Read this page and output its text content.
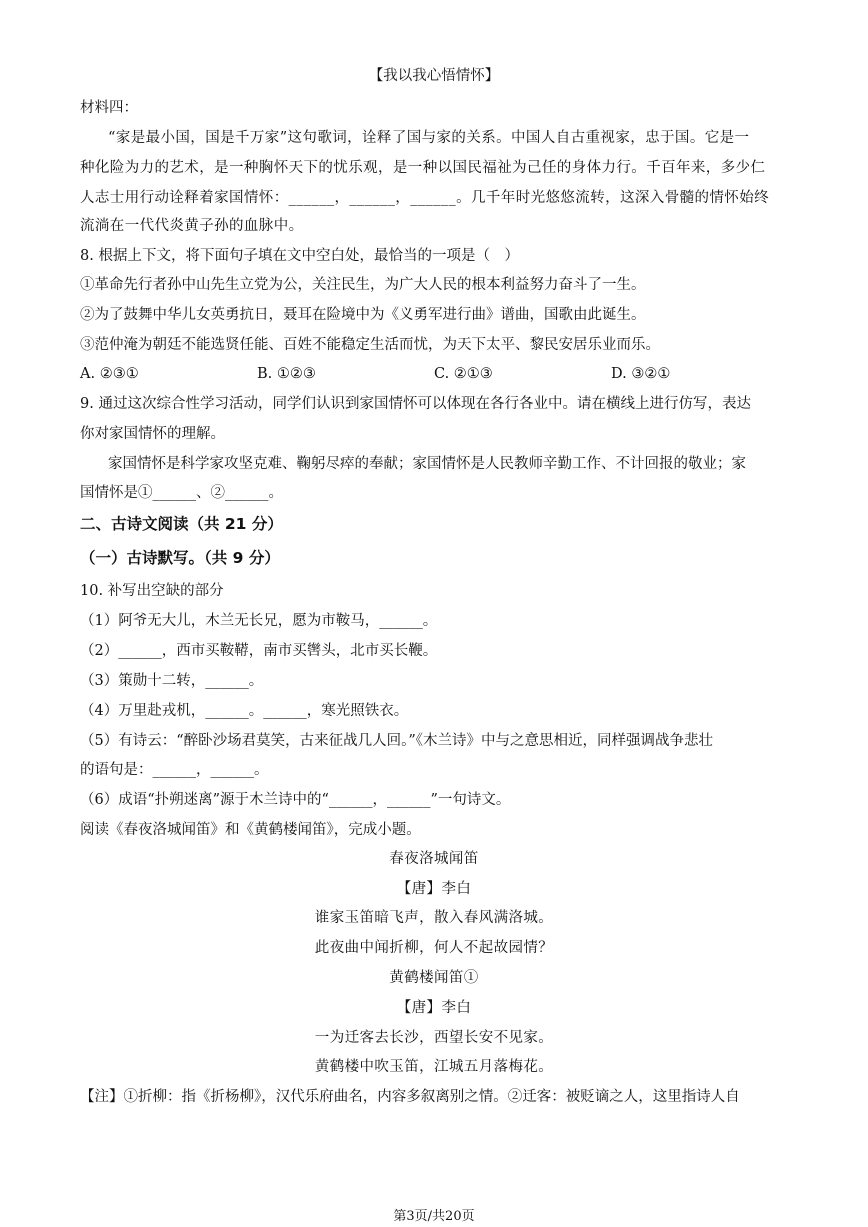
【我以我心悟情怀】
材料四：
“家是最小国，国是千万家”这句歌词，诠释了国与家的关系。中国人自古重视家，忠于国。它是一
种化险为力的艺术，是一种胸怀天下的忧乐观，是一种以国民福祉为己任的身体力行。千百年来，多少仁
人志士用行动诠释着家国情怀：______，______，______。几千年时光悠悠流转，这深入骨髓的情怀始终
流淌在一代代炎黄子孙的血脉中。
8. 根据上下文，将下面句子填在文中空白处，最恰当的一项是（　）
①革命先行者孙中山先生立党为公，关注民生，为广大人民的根本利益努力奋斗了一生。
②为了鼓舞中华儿女英勇抗日，聂耳在险境中为《义勇军进行曲》谱曲，国歌由此诞生。
③范仲淹为朝廷不能选贤任能、百姓不能稳定生活而忧，为天下太平、黎民安居乐业而乐。
A. ②③①	B. ①②③	C. ②①③	D. ③②①
9. 通过这次综合性学习活动，同学们认识到家国情怀可以体现在各行各业中。请在横线上进行仿写，表达
你对家国情怀的理解。
家国情怀是科学家攻坚克难、鞠躬尽瘁的奉献；家国情怀是人民教师辛勤工作、不计回报的敬业；家
国情怀是①______、②______。
二、古诗文阅读（共 21 分）
（一）古诗默写。（共 9 分）
10. 补写出空缺的部分
（1）阿爷无大儿，木兰无长兄，愿为市鞍马，______。
（2）______，西市买鞍鞯，南市买辔头，北市买长鞭。
（3）策勋十二转，______。
（4）万里赴戎机，______。______，寒光照铁衣。
（5）有诗云：“醉卧沙场君莫笑，古来征战几人回。”《木兰诗》中与之意思相近，同样强调战争悲壮
的语句是：______，______。
（6）成语“扑朔迷离”源于木兰诗中的“______，______”一句诗文。
阅读《春夜洛城闻笛》和《黄鹤楼闻笛》，完成小题。
春夜洛城闻笛
【唐】李白
谁家玉笛暗飞声，散入春风满洛城。
此夜曲中闻折柳，何人不起故园情？
黄鹤楼闻笛①
【唐】李白
一为迁客去长沙，西望长安不见家。
黄鹤楼中吹玉笛，江城五月落梅花。
【注】①折柳：指《折杨柳》，汉代乐府曲名，内容多叙离别之情。②迁客：被贬谪之人，这里指诗人自
第3页/共20页
